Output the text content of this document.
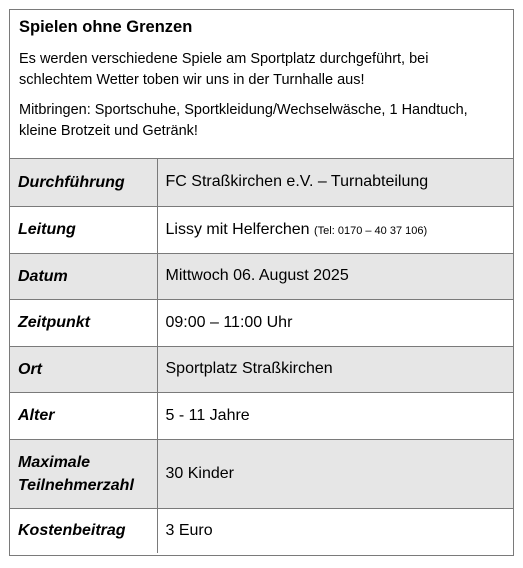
Spielen ohne Grenzen
Es werden verschiedene Spiele am Sportplatz durchgeführt, bei schlechtem Wetter toben wir uns in der Turnhalle aus!
Mitbringen: Sportschuhe, Sportkleidung/Wechselwäsche, 1 Handtuch, kleine Brotzeit und Getränk!
Durchführung	FC Straßkirchen e.V. – Turnabteilung
Leitung	Lissy mit Helferchen (Tel: 0170 – 40 37 106)
Datum	Mittwoch 06. August 2025
Zeitpunkt	09:00 – 11:00 Uhr
Ort	Sportplatz Straßkirchen
Alter	5 - 11 Jahre
Maximale Teilnehmerzahl	30 Kinder
Kostenbeitrag	3 Euro
